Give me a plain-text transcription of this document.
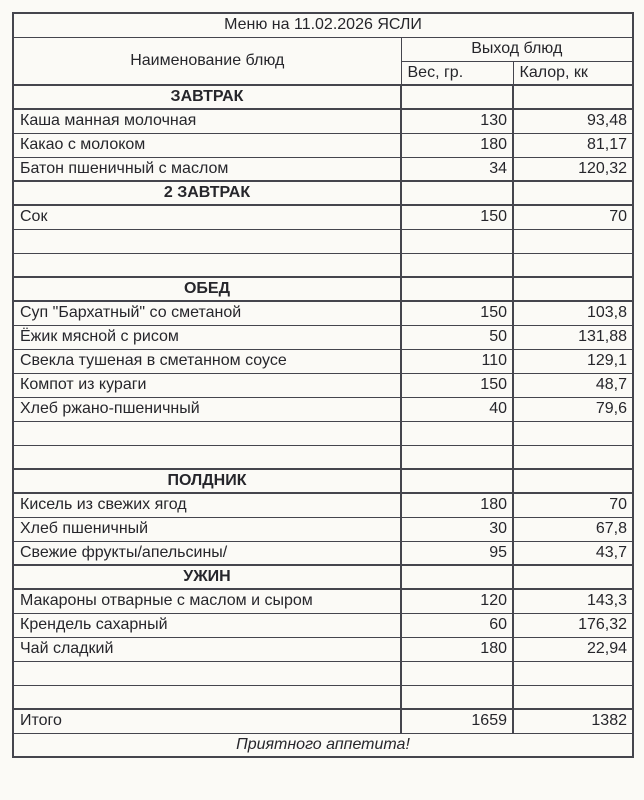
Меню на 11.02.2026 ЯСЛИ		
Наименование блюд	Выход блюд	
	Вес, гр.	Калор, кк
ЗАВТРАК		
Каша манная молочная	130	93,48
Какао с молоком	180	81,17
Батон пшеничный с маслом	34	120,32
2 ЗАВТРАК		
Сок	150	70

ОБЕД		
Суп "Бархатный" со сметаной	150	103,8
Ёжик мясной с рисом	50	131,88
Свекла тушеная в сметанном соусе	110	129,1
Компот из кураги	150	48,7
Хлеб ржано-пшеничный	40	79,6

ПОЛДНИК		
Кисель из свежих ягод	180	70
Хлеб пшеничный	30	67,8
Свежие фрукты/апельсины/	95	43,7
УЖИН		
Макароны отварные с маслом и сыром	120	143,3
Крендель сахарный	60	176,32
Чай сладкий	180	22,94

Итого	1659	1382
Приятного аппетита!		
